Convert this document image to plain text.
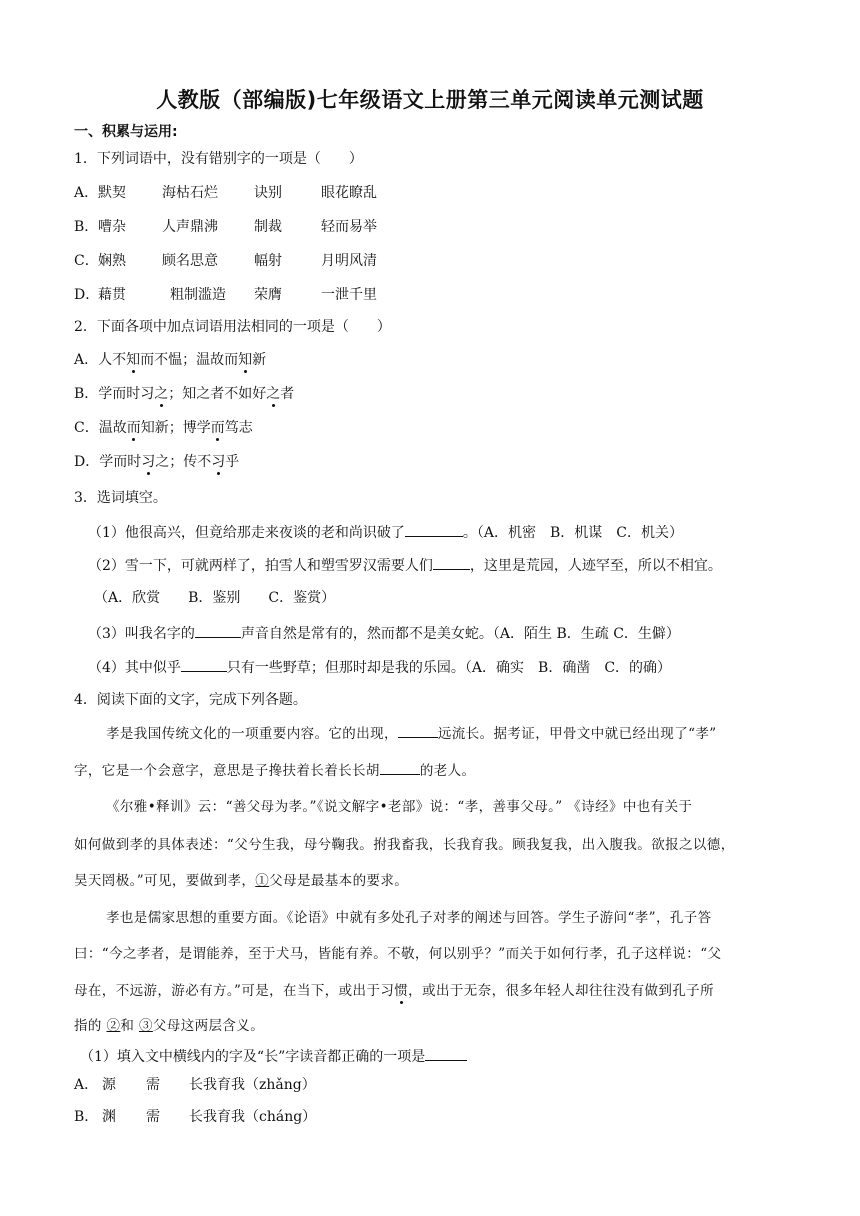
人教版（部编版)七年级语文上册第三单元阅读单元测试题
一、积累与运用:
1．下列词语中，没有错别字的一项是（　　）
A．默契	海枯石烂	诀别	眼花瞭乱
B．嘈杂	人声鼎沸	制裁	轻而易举
C．娴熟	顾名思意	幅射	月明风清
D．藉贯	粗制滥造 荣膺	一泄千里
2．下面各项中加点词语用法相同的一项是（　　）
A．人不知而不愠；温故而知新
B．学而时习之；知之者不如好之者
C．温故而知新；博学而笃志
D．学而时习之；传不习乎
3．选词填空。
（1）他很高兴，但竟给那走来夜谈的老和尚识破了	。（A．机密　B．机谋　C．机关）
（2）雪一下，可就两样了，拍雪人和塑雪罗汉需要人们	，这里是荒园，人迹罕至，所以不相宜。
（A．欣赏　　B．鉴别　　C．鉴赏）
（3）叫我名字的	声音自然是常有的，然而都不是美女蛇。（A．陌生 B．生疏 C．生僻）
（4）其中似乎	只有一些野草；但那时却是我的乐园。（A．确实　B．确凿　C．的确）
4．阅读下面的文字，完成下列各题。
孝是我国传统文化的一项重要内容。它的出现，	远流长。据考证，甲骨文中就已经出现了“孝”
字，它是一个会意字，意思是子搀扶着长着长长胡	的老人。
《尔雅•释训》云：“善父母为孝。”《说文解字•老部》说：“孝，善事父母。” 《诗经》中也有关于
如何做到孝的具体表述：“父兮生我，母兮鞠我。拊我畜我，长我育我。顾我复我，出入腹我。欲报之以德，
昊天罔极。”可见，要做到孝，①父母是最基本的要求。
孝也是儒家思想的重要方面。《论语》中就有多处孔子对孝的阐述与回答。学生子游问“孝”，孔子答
曰：“今之孝者，是谓能养，至于犬马，皆能有养。不敬，何以别乎？”而关于如何行孝，孔子这样说：“父
母在，不远游，游必有方。”可是，在当下，或出于习惯，或出于无奈，很多年轻人却往往没有做到孔子所
指的 ②和 ③父母这两层含义。
（1）填入文中横线内的字及“长”字读音都正确的一项是
A． 源 需 长我育我（zhǎng）
B． 渊 需 长我育我（cháng）
